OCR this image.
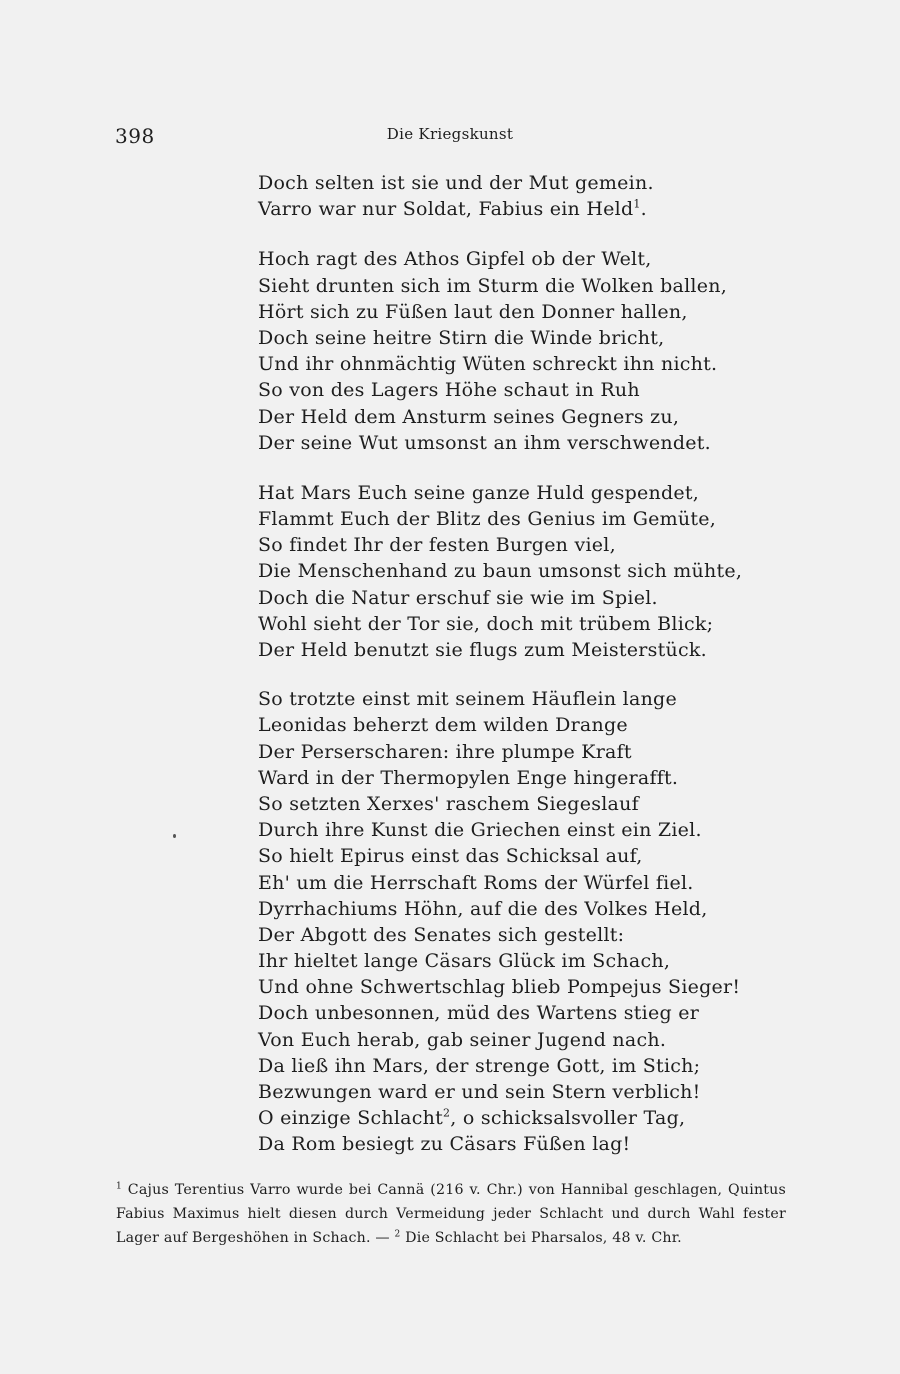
398	Die Kriegskunst
Doch selten ist sie und der Mut gemein.
Varro war nur Soldat, Fabius ein Held$^1$.
Hoch ragt des Athos Gipfel ob der Welt,
Sieht drunten sich im Sturm die Wolken ballen,
Hört sich zu Füßen laut den Donner hallen,
Doch seine heitre Stirn die Winde bricht,
Und ihr ohnmächtig Wüten schreckt ihn nicht.
So von des Lagers Höhe schaut in Ruh
Der Held dem Ansturm seines Gegners zu,
Der seine Wut umsonst an ihm verschwendet.
Hat Mars Euch seine ganze Huld gespendet,
Flammt Euch der Blitz des Genius im Gemüte,
So findet Ihr der festen Burgen viel,
Die Menschenhand zu baun umsonst sich mühte,
Doch die Natur erschuf sie wie im Spiel.
Wohl sieht der Tor sie, doch mit trübem Blick;
Der Held benutzt sie flugs zum Meisterstück.
So trotzte einst mit seinem Häuflein lange
Leonidas beherzt dem wilden Drange
Der Perserscharen: ihre plumpe Kraft
Ward in der Thermopylen Enge hingerafft.
So setzten Xerxes' raschem Siegeslauf
Durch ihre Kunst die Griechen einst ein Ziel.
So hielt Epirus einst das Schicksal auf,
Eh' um die Herrschaft Roms der Würfel fiel.
Dyrrhachiums Höhn, auf die des Volkes Held,
Der Abgott des Senates sich gestellt:
Ihr hieltet lange Cäsars Glück im Schach,
Und ohne Schwertschlag blieb Pompejus Sieger!
Doch unbesonnen, müd des Wartens stieg er
Von Euch herab, gab seiner Jugend nach.
Da ließ ihn Mars, der strenge Gott, im Stich;
Bezwungen ward er und sein Stern verblich!
O einzige Schlacht$^2$, o schicksalsvoller Tag,
Da Rom besiegt zu Cäsars Füßen lag!
$^1$ Cajus Terentius Varro wurde bei Cannä (216 v. Chr.) von Hannibal geschlagen, Quintus Fabius Maximus hielt diesen durch Vermeidung jeder Schlacht und durch Wahl fester Lager auf Bergeshöhen in Schach. — $^2$ Die Schlacht bei Pharsalos, 48 v. Chr.
